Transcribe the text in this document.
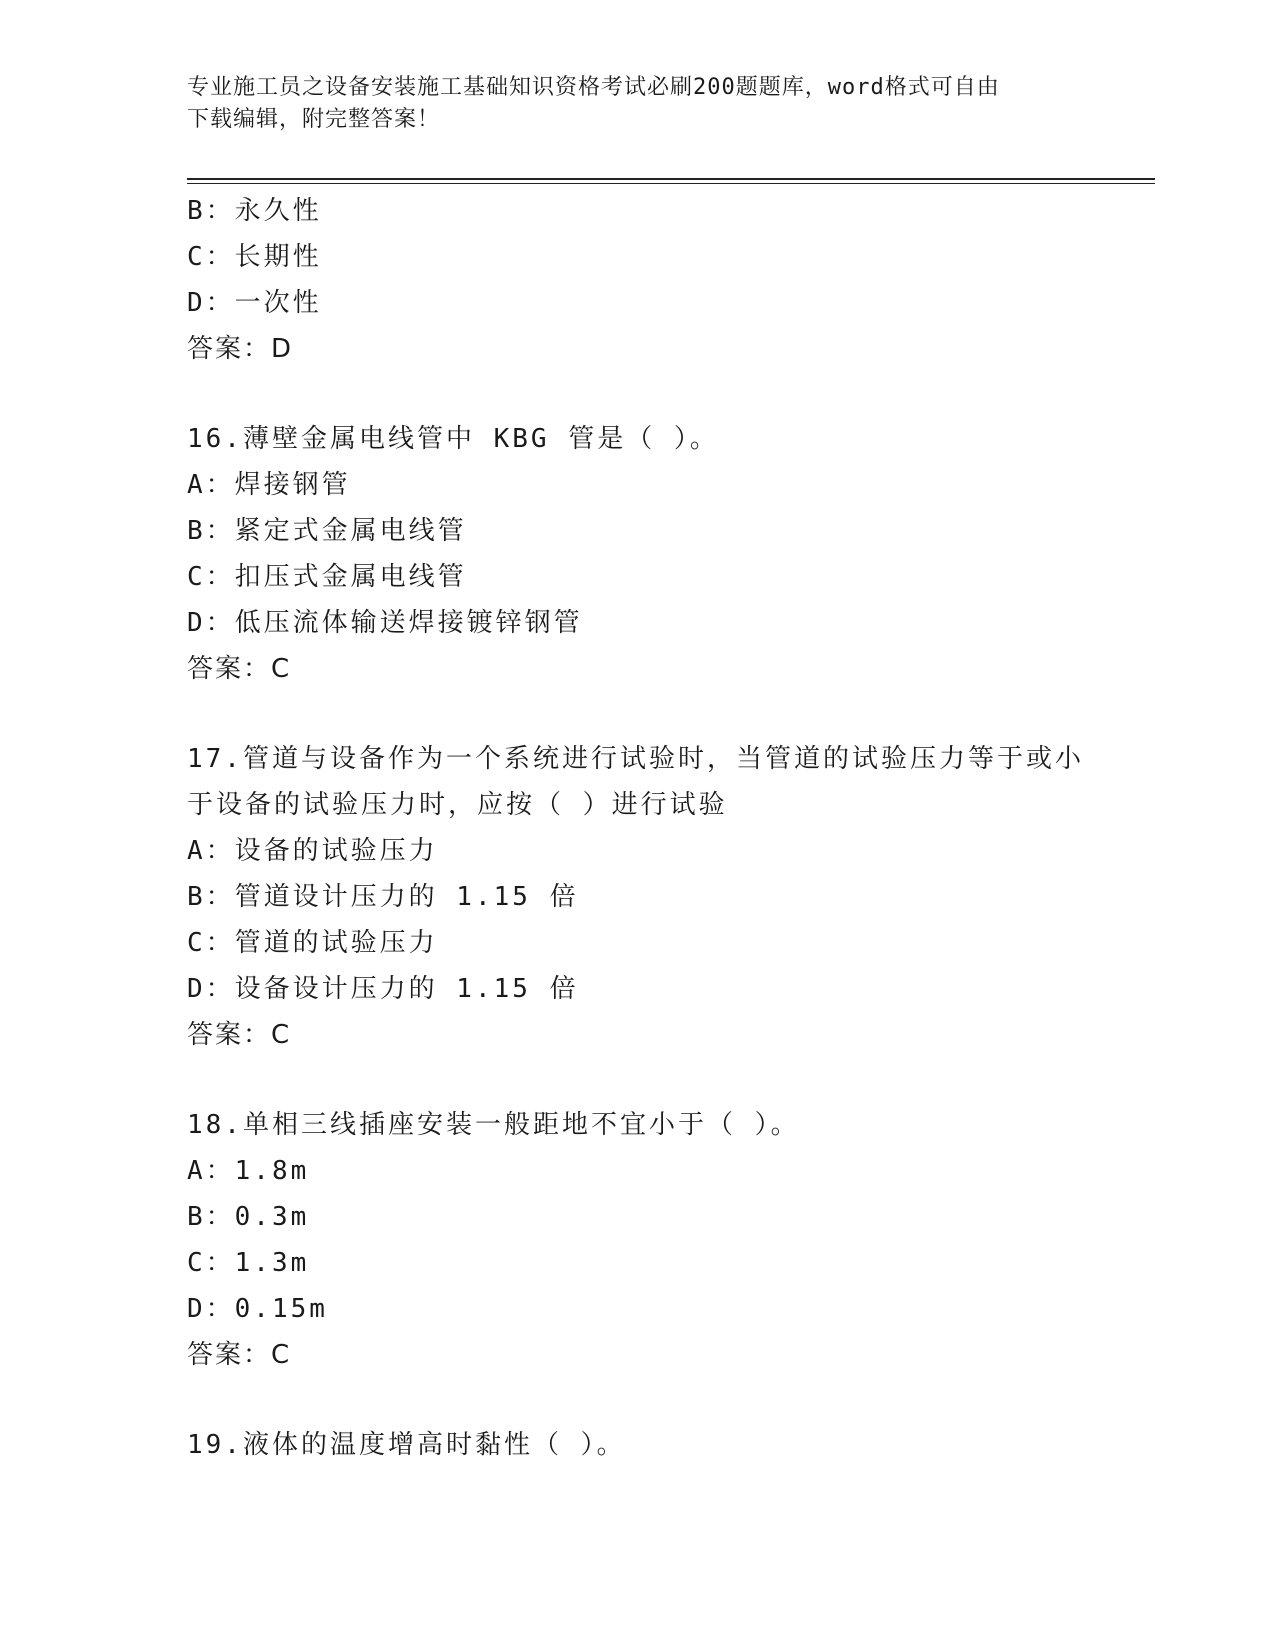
专业施工员之设备安装施工基础知识资格考试必刷200题题库，word格式可自由
下载编辑，附完整答案！
B：永久性
C：长期性
D：一次性
答案：D
16.薄壁金属电线管中 KBG 管是（ ）。
A：焊接钢管
B：紧定式金属电线管
C：扣压式金属电线管
D：低压流体输送焊接镀锌钢管
答案：C
17.管道与设备作为一个系统进行试验时，当管道的试验压力等于或小
于设备的试验压力时，应按（ ）进行试验
A：设备的试验压力
B：管道设计压力的 1.15 倍
C：管道的试验压力
D：设备设计压力的 1.15 倍
答案：C
18.单相三线插座安装一般距地不宜小于（ ）。
A：1.8m
B：0.3m
C：1.3m
D：0.15m
答案：C
19.液体的温度增高时黏性（ ）。
